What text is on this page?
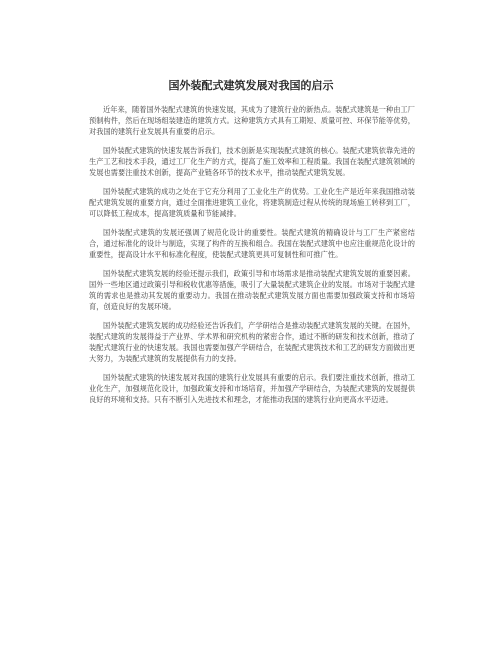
国外装配式建筑发展对我国的启示

近年来，随着国外装配式建筑的快速发展，其成为了建筑行业的新热点。装配式建筑是一种由工厂预制构件，然后在现场组装建造的建筑方式。这种建筑方式具有工期短、质量可控、环保节能等优势，对我国的建筑行业发展具有重要的启示。

国外装配式建筑的快速发展告诉我们，技术创新是实现装配式建筑的核心。装配式建筑依靠先进的生产工艺和技术手段，通过工厂化生产的方式，提高了施工效率和工程质量。我国在装配式建筑领域的发展也需要注重技术创新，提高产业链各环节的技术水平，推动装配式建筑发展。

国外装配式建筑的成功之处在于它充分利用了工业化生产的优势。工业化生产是近年来我国推动装配式建筑发展的重要方向，通过全面推进建筑工业化，将建筑制造过程从传统的现场施工转移到工厂，可以降低工程成本，提高建筑质量和节能减排。

国外装配式建筑的发展还强调了规范化设计的重要性。装配式建筑的精确设计与工厂生产紧密结合，通过标准化的设计与制造，实现了构件的互换和组合。我国在装配式建筑中也应注重规范化设计的重要性，提高设计水平和标准化程度，使装配式建筑更具可复制性和可推广性。

国外装配式建筑发展的经验还提示我们，政策引导和市场需求是推动装配式建筑发展的重要因素。国外一些地区通过政策引导和税收优惠等措施，吸引了大量装配式建筑企业的发展。市场对于装配式建筑的需求也是推动其发展的重要动力。我国在推动装配式建筑发展方面也需要加强政策支持和市场培育，创造良好的发展环境。

国外装配式建筑发展的成功经验还告诉我们，产学研结合是推动装配式建筑发展的关键。在国外，装配式建筑的发展得益于产业界、学术界和研究机构的紧密合作，通过不断的研发和技术创新，推动了装配式建筑行业的快速发展。我国也需要加强产学研结合，在装配式建筑技术和工艺的研发方面做出更大努力，为装配式建筑的发展提供有力的支持。

国外装配式建筑的快速发展对我国的建筑行业发展具有重要的启示。我们要注重技术创新，推动工业化生产，加强规范化设计，加强政策支持和市场培育，并加强产学研结合，为装配式建筑的发展提供良好的环境和支持。只有不断引入先进技术和理念，才能推动我国的建筑行业向更高水平迈进。
